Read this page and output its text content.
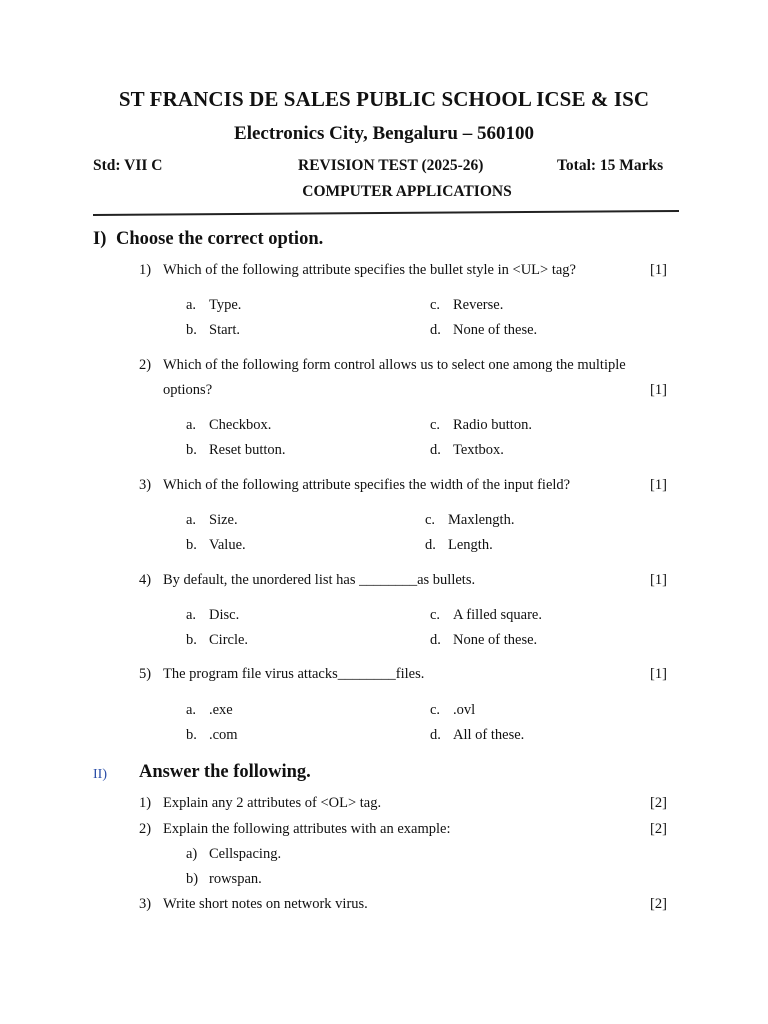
ST FRANCIS DE SALES PUBLIC SCHOOL ICSE & ISC
Electronics City, Bengaluru – 560100
Std: VII C	REVISION TEST (2025-26)	Total: 15 Marks
COMPUTER APPLICATIONS
I) Choose the correct option.
1) Which of the following attribute specifies the bullet style in <UL> tag?	[1]
a. Type.
b. Start.
c. Reverse.
d. None of these.
2) Which of the following form control allows us to select one among the multiple
options?	[1]
a. Checkbox.
b. Reset button.
c. Radio button.
d. Textbox.
3) Which of the following attribute specifies the width of the input field?	[1]
a. Size.
b. Value.
c. Maxlength.
d. Length.
4) By default, the unordered list has ________as bullets.	[1]
a. Disc.
b. Circle.
c. A filled square.
d. None of these.
5) The program file virus attacks________files.	[1]
a. .exe
b. .com
c. .ovl
d. All of these.
II) Answer the following.
1) Explain any 2 attributes of <OL> tag.	[2]
2) Explain the following attributes with an example:	[2]
a) Cellspacing.
b) rowspan.
3) Write short notes on network virus.	[2]
